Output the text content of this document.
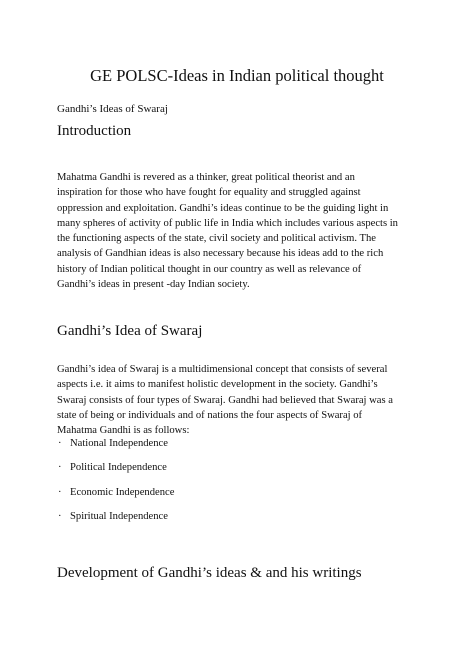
GE POLSC-Ideas in Indian political thought

Gandhi’s Ideas of Swaraj

Introduction

Mahatma Gandhi is revered as a thinker, great political theorist and an
inspiration for those who have fought for equality and struggled against
oppression and exploitation. Gandhi’s ideas continue to be the guiding light in
many spheres of activity of public life in India which includes various aspects in
the functioning aspects of the state, civil society and political activism. The
analysis of Gandhian ideas is also necessary because his ideas add to the rich
history of Indian political thought in our country as well as relevance of
Gandhi’s ideas in present -day Indian society.

Gandhi’s Idea of Swaraj

Gandhi’s idea of Swaraj is a multidimensional concept that consists of several
aspects i.e. it aims to manifest holistic development in the society. Gandhi’s
Swaraj consists of four types of Swaraj. Gandhi had believed that Swaraj was a
state of being or individuals and of nations the four aspects of Swaraj of
Mahatma Gandhi is as follows:

· National Independence
· Political Independence
· Economic Independence
· Spiritual Independence
Development of Gandhi’s ideas & and his writings
